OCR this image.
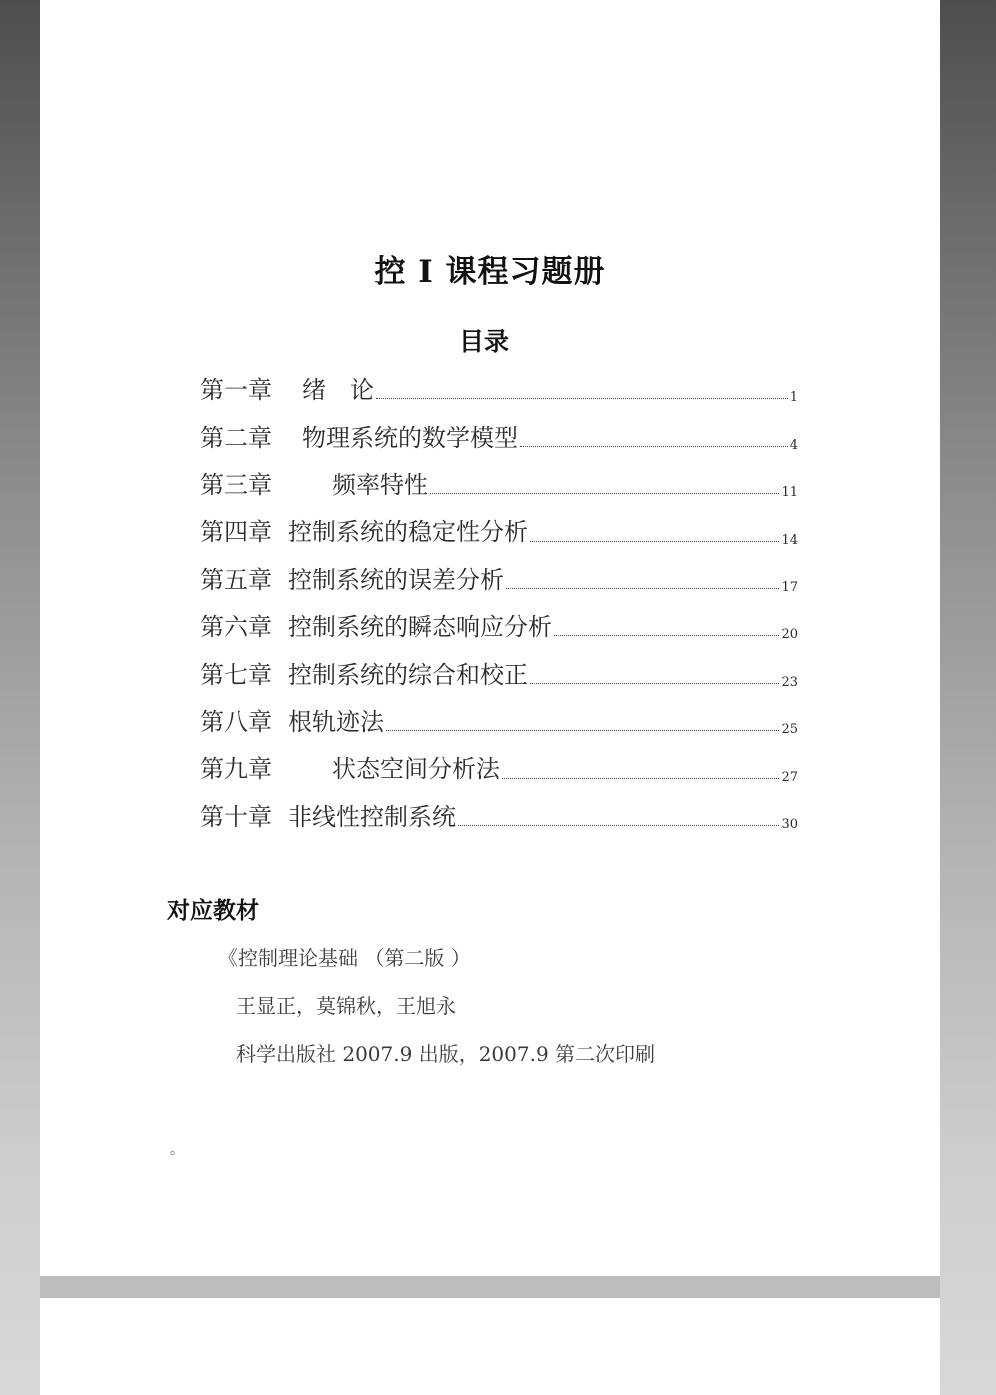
控 I 课程习题册
目录
第一章 绪　论	1
第二章 物理系统的数学模型	4
第三章	频率特性	11
第四章 控制系统的稳定性分析	14
第五章 控制系统的误差分析	17
第六章 控制系统的瞬态响应分析	20
第七章 控制系统的综合和校正	23
第八章 根轨迹法	25
第九章	状态空间分析法	27
第十章 非线性控制系统	30
对应教材
《控制理论基础 （第二版 ）
王显正，莫锦秋，王旭永
科学出版社 2007.9 出版，2007.9 第二次印刷
。
